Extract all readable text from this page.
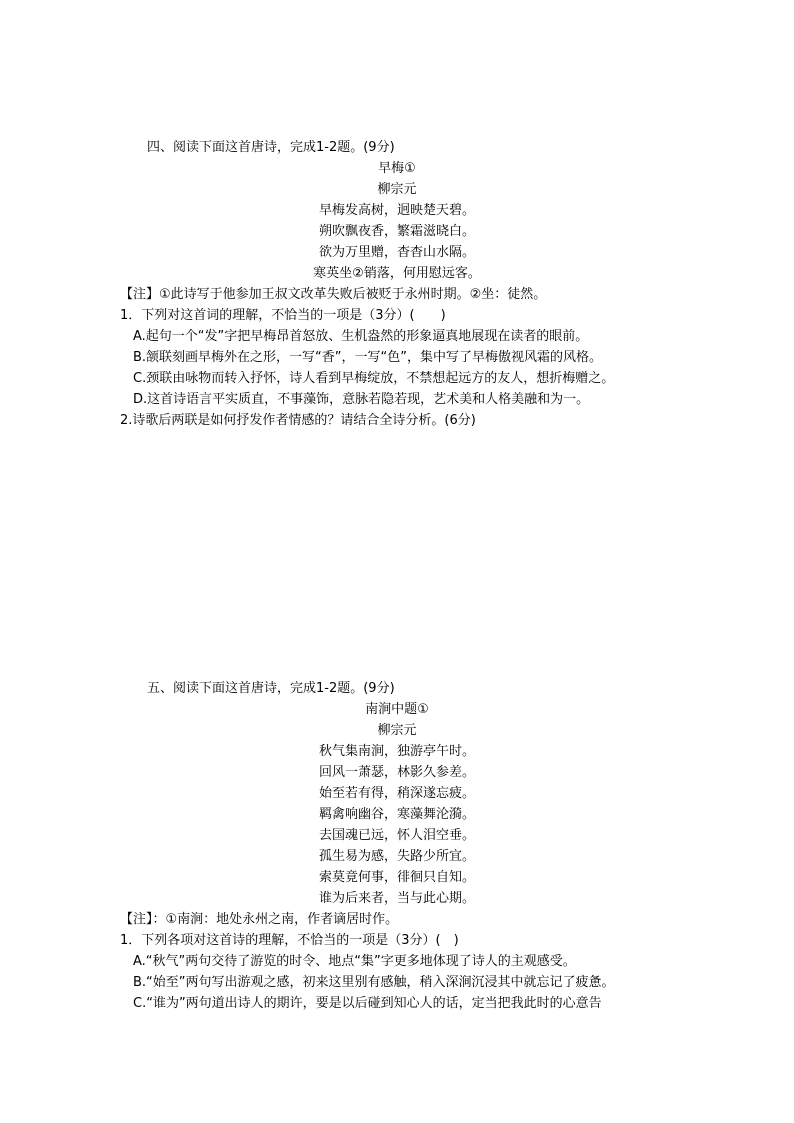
四、阅读下面这首唐诗，完成1-2题。(9分)
早梅①
柳宗元
早梅发高树，迥映楚天碧。
朔吹飘夜香，繁霜滋晓白。
欲为万里赠，杳杳山水隔。
寒英坐②销落，何用慰远客。
【注】①此诗写于他参加王叔文改革失败后被贬于永州时期。②坐：徒然。
1．下列对这首词的理解，不恰当的一项是（3分）(　　)
A.起句一个“发”字把早梅昂首怒放、生机盎然的形象逼真地展现在读者的眼前。
B.颔联刻画早梅外在之形，一写“香”，一写“色”，集中写了早梅傲视风霜的风格。
C.颈联由咏物而转入抒怀，诗人看到早梅绽放，不禁想起远方的友人，想折梅赠之。
D.这首诗语言平实质直，不事藻饰，意脉若隐若现，艺术美和人格美融和为一。
2.诗歌后两联是如何抒发作者情感的？请结合全诗分析。(6分)
五、阅读下面这首唐诗，完成1-2题。(9分)
南涧中题①
柳宗元
秋气集南涧，独游亭午时。
回风一萧瑟，林影久参差。
始至若有得，稍深遂忘疲。
羁禽响幽谷，寒藻舞沦漪。
去国魂已远，怀人泪空垂。
孤生易为感，失路少所宜。
索莫竟何事，徘徊只自知。
谁为后来者，当与此心期。
【注】：①南涧：地处永州之南，作者谪居时作。
1．下列各项对这首诗的理解，不恰当的一项是（3分）(　)
A.“秋气”两句交待了游览的时令、地点“集”字更多地体现了诗人的主观感受。
B.“始至”两句写出游观之感，初来这里别有感触，稍入深涧沉浸其中就忘记了疲惫。
C.“谁为”两句道出诗人的期许，要是以后碰到知心人的话，定当把我此时的心意告
